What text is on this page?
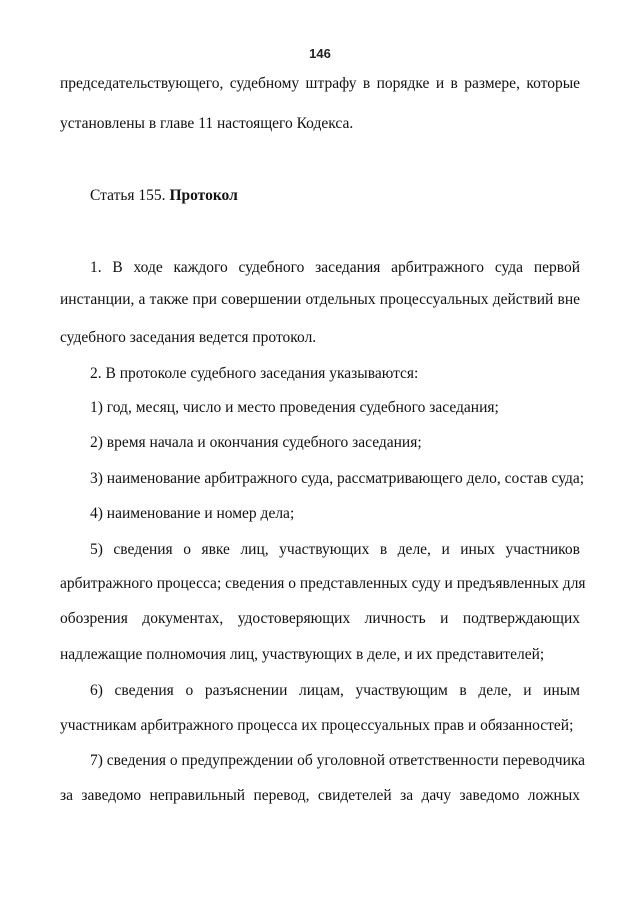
146
председательствующего, судебному штрафу в порядке и в размере, которые
установлены в главе 11 настоящего Кодекса.
Статья 155. Протокол
1. В ходе каждого судебного заседания арбитражного суда первой
инстанции, а также при совершении отдельных процессуальных действий вне
судебного заседания ведется протокол.
2. В протоколе судебного заседания указываются:
1) год, месяц, число и место проведения судебного заседания;
2) время начала и окончания судебного заседания;
3) наименование арбитражного суда, рассматривающего дело, состав суда;
4) наименование и номер дела;
5) сведения о явке лиц, участвующих в деле, и иных участников
арбитражного процесса; сведения о представленных суду и предъявленных для
обозрения документах, удостоверяющих личность и подтверждающих
надлежащие полномочия лиц, участвующих в деле, и их представителей;
6) сведения о разъяснении лицам, участвующим в деле, и иным
участникам арбитражного процесса их процессуальных прав и обязанностей;
7) сведения о предупреждении об уголовной ответственности переводчика
за заведомо неправильный перевод, свидетелей за дачу заведомо ложных
